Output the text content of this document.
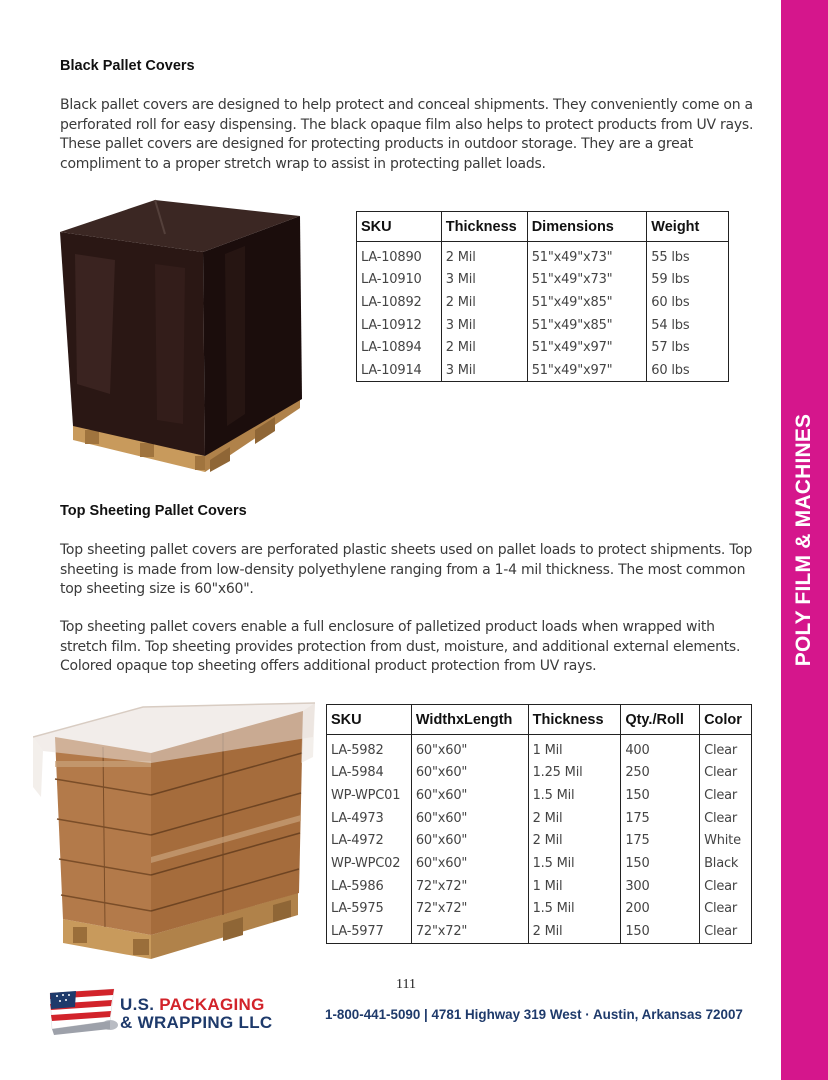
POLY FILM & MACHINES
Black Pallet Covers

Black pallet covers are designed to help protect and conceal shipments. They conveniently come on a perforated roll for easy dispensing. The black opaque film also helps to protect products from UV rays. These pallet covers are designed for protecting products in outdoor storage. They are a great compliment to a proper stretch wrap to assist in protecting pallet loads.

SKU	Thickness	Dimensions	Weight
LA-10890	2 Mil	51"x49"x73"	55 lbs
LA-10910	3 Mil	51"x49"x73"	59 lbs
LA-10892	2 Mil	51"x49"x85"	60 lbs
LA-10912	3 Mil	51"x49"x85"	54 lbs
LA-10894	2 Mil	51"x49"x97"	57 lbs
LA-10914	3 Mil	51"x49"x97"	60 lbs
Top Sheeting Pallet Covers

Top sheeting pallet covers are perforated plastic sheets used on pallet loads to protect shipments. Top sheeting is made from low-density polyethylene ranging from a 1-4 mil thickness. The most common top sheeting size is 60"x60".

Top sheeting pallet covers enable a full enclosure of palletized product loads when wrapped with stretch film. Top sheeting provides protection from dust, moisture, and additional external elements. Colored opaque top sheeting offers additional product protection from UV rays.

SKU	WidthxLength	Thickness	Qty./Roll	Color
LA-5982	60"x60"	1 Mil	400	Clear
LA-5984	60"x60"	1.25 Mil	250	Clear
WP-WPC01	60"x60"	1.5 Mil	150	Clear
LA-4973	60"x60"	2 Mil	175	Clear
LA-4972	60"x60"	2 Mil	175	White
WP-WPC02	60"x60"	1.5 Mil	150	Black
LA-5986	72"x72"	1 Mil	300	Clear
LA-5975	72"x72"	1.5 Mil	200	Clear
LA-5977	72"x72"	2 Mil	150	Clear
111
U.S. PACKAGING
& WRAPPING LLC	1-800-441-5090 | 4781 Highway 319 West · Austin, Arkansas 72007
